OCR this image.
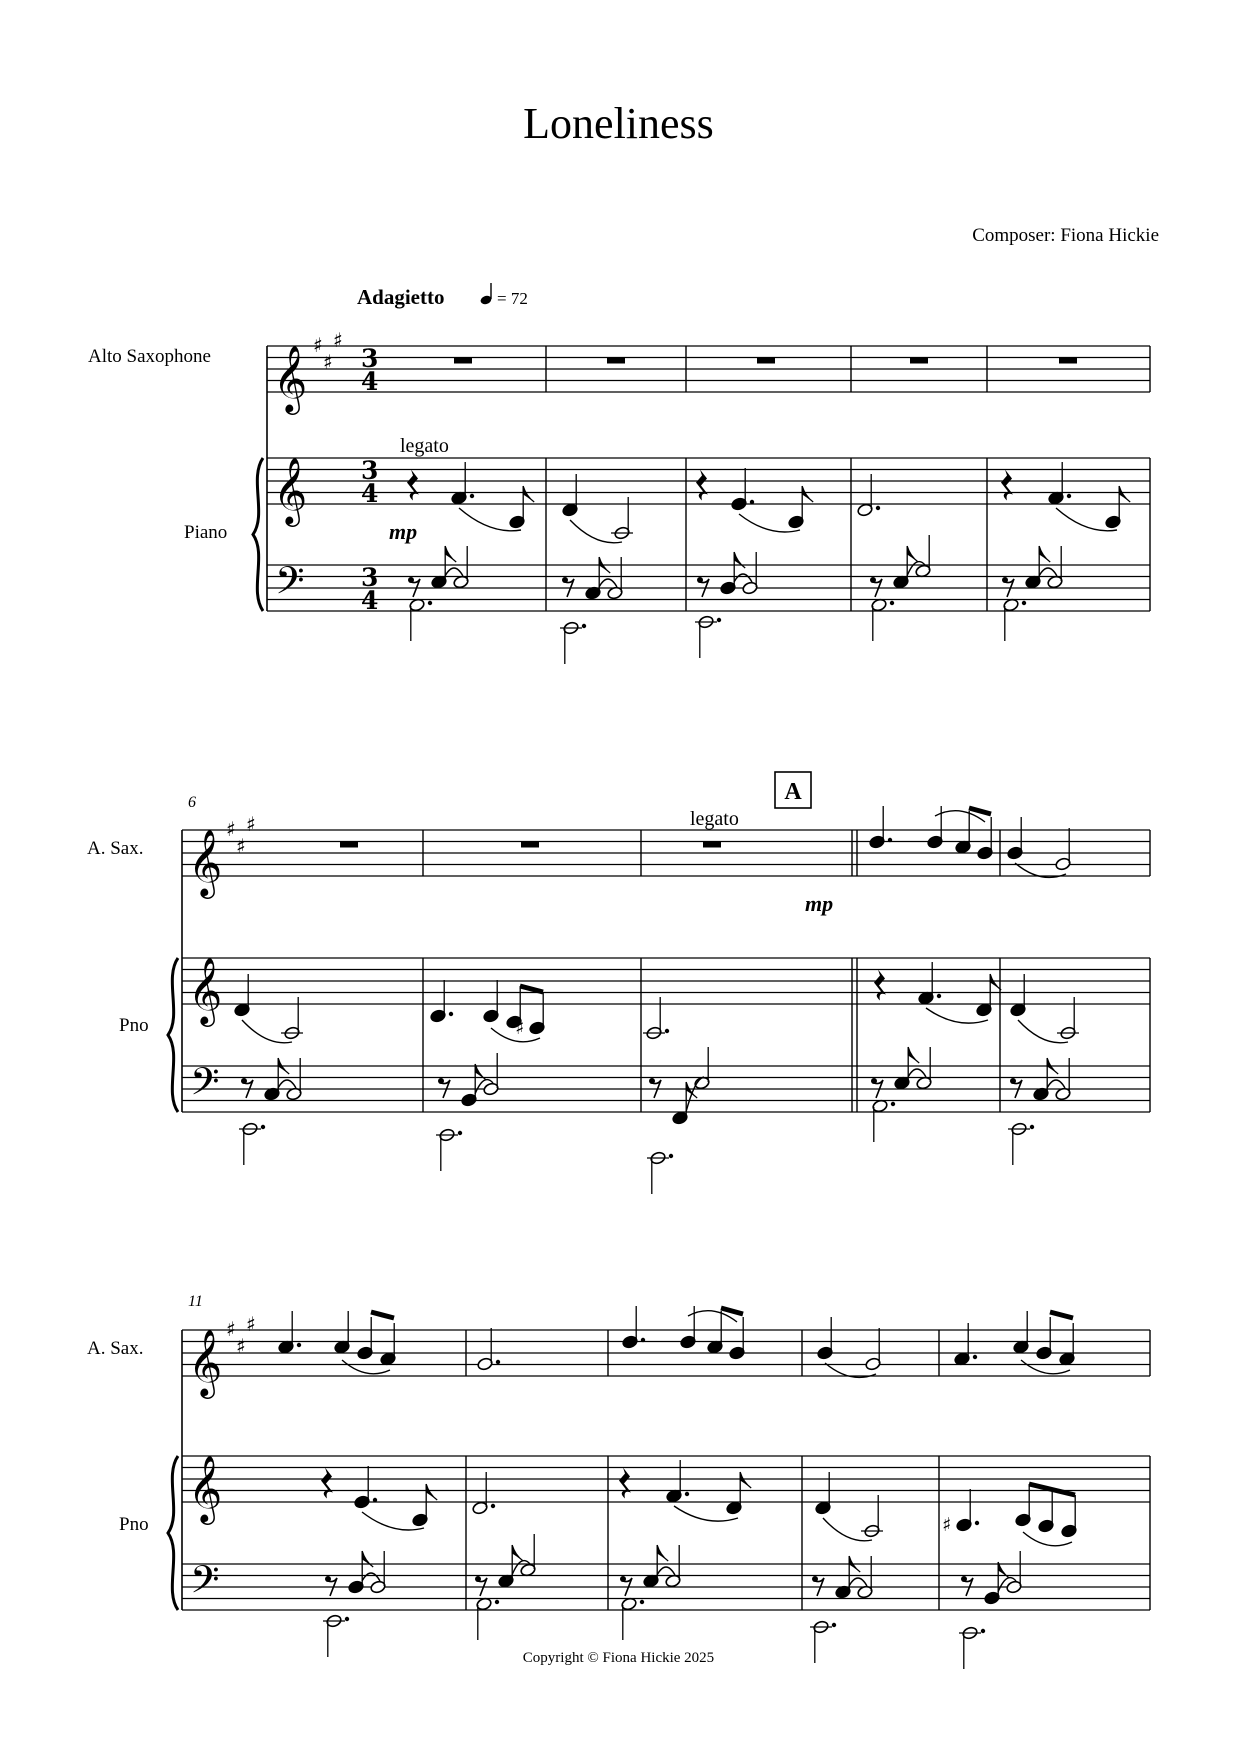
Loneliness
Composer: Fiona Hickie
Copyright © Fiona Hickie 2025
Adagietto	= 72
Alto Saxophone
Piano
A. Sax.
Pno
A. Sax.
Pno
6
11
A
legato
legato
mp
mp
𝄞 ♯
♯
♯
3
4
𝄞 3
4
𝄢 3
4
𝄞 ♯
♯
♯
𝄞
𝄢
♯
𝄞 ♯
♯
♯
𝄞
𝄢
♯
